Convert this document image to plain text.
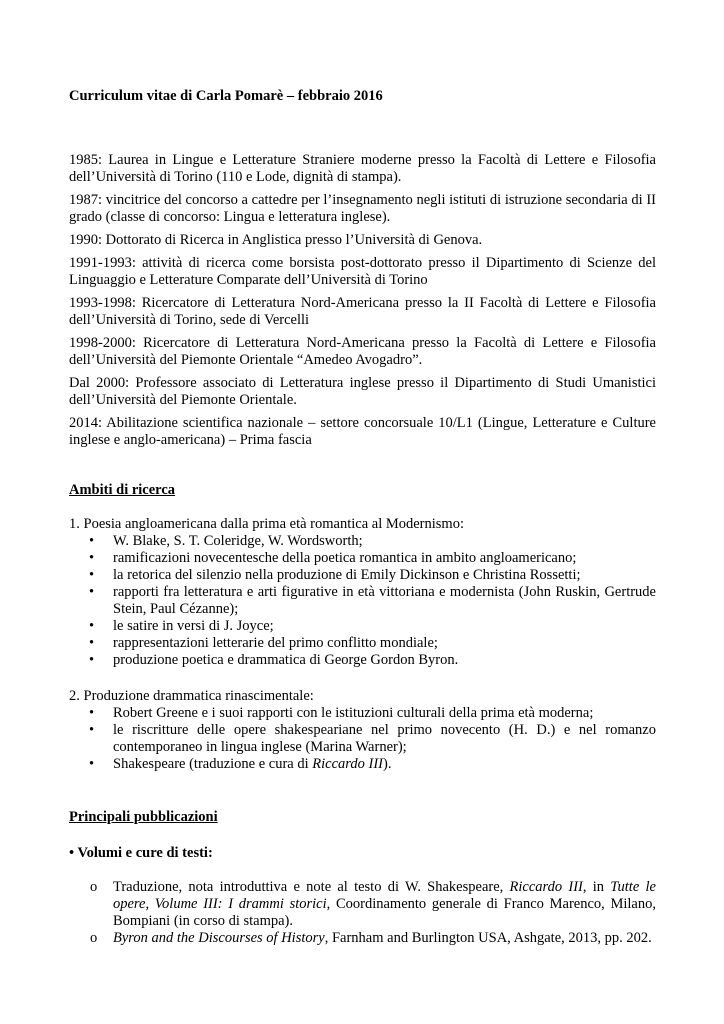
Curriculum vitae di Carla Pomarè – febbraio 2016

1985: Laurea in Lingue e Letterature Straniere moderne presso la Facoltà di Lettere e Filosofia dell’Università di Torino (110 e Lode, dignità di stampa).

1987: vincitrice del concorso a cattedre per l’insegnamento negli istituti di istruzione secondaria di II grado (classe di concorso: Lingua e letteratura inglese).

1990: Dottorato di Ricerca in Anglistica presso l’Università di Genova.

1991-1993: attività di ricerca come borsista post-dottorato presso il Dipartimento di Scienze del Linguaggio e Letterature Comparate dell’Università di Torino

1993-1998: Ricercatore di Letteratura Nord-Americana presso la II Facoltà di Lettere e Filosofia dell’Università di Torino, sede di Vercelli

1998-2000: Ricercatore di Letteratura Nord-Americana presso la Facoltà di Lettere e Filosofia dell’Università del Piemonte Orientale “Amedeo Avogadro”.

Dal 2000: Professore associato di Letteratura inglese presso il Dipartimento di Studi Umanistici dell’Università del Piemonte Orientale.

2014: Abilitazione scientifica nazionale – settore concorsuale 10/L1 (Lingue, Letterature e Culture inglese e anglo-americana) – Prima fascia

Ambiti di ricerca

1. Poesia angloamericana dalla prima età romantica al Modernismo:

• W. Blake, S. T. Coleridge, W. Wordsworth;
• ramificazioni novecentesche della poetica romantica in ambito angloamericano;
• la retorica del silenzio nella produzione di Emily Dickinson e Christina Rossetti;
• rapporti fra letteratura e arti figurative in età vittoriana e modernista (John Ruskin, Gertrude Stein, Paul Cézanne);
• le satire in versi di J. Joyce;
• rappresentazioni letterarie del primo conflitto mondiale;
• produzione poetica e drammatica di George Gordon Byron.

2. Produzione drammatica rinascimentale:

• Robert Greene e i suoi rapporti con le istituzioni culturali della prima età moderna;
• le riscritture delle opere shakespeariane nel primo novecento (H. D.) e nel romanzo contemporaneo in lingua inglese (Marina Warner);
• Shakespeare (traduzione e cura di Riccardo III).
Principali pubblicazioni
• Volumi e cure di testi:
o Traduzione, nota introduttiva e note al testo di W. Shakespeare, Riccardo III, in Tutte le opere, Volume III: I drammi storici, Coordinamento generale di Franco Marenco, Milano, Bompiani (in corso di stampa).
o Byron and the Discourses of History, Farnham and Burlington USA, Ashgate, 2013, pp. 202.
